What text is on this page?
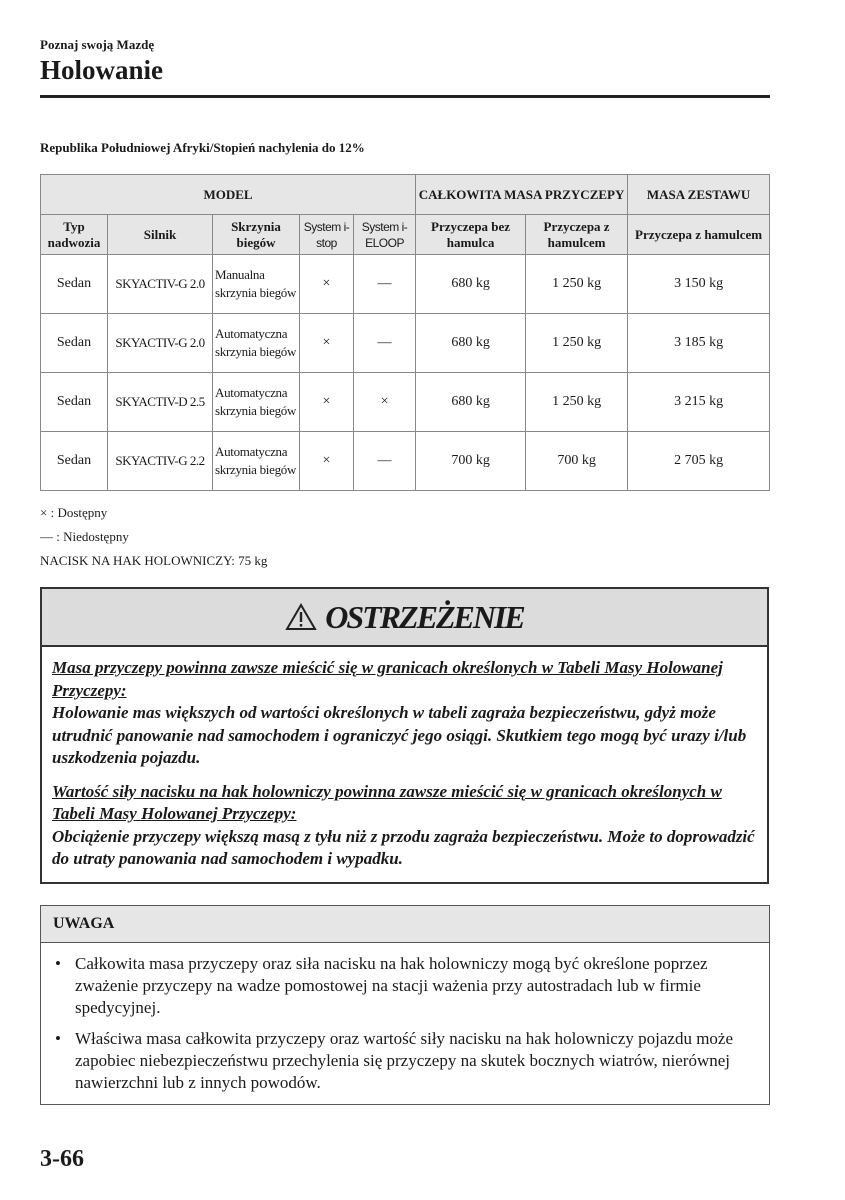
Poznaj swoją Mazdę
Holowanie
Republika Południowej Afryki/Stopień nachylenia do 12%
MODEL					CAŁKOWITA MASA PRZYCZEPY		MASA ZESTAWU
Typ nadwozia	Silnik	Skrzynia biegów	System i-stop	System i-ELOOP	Przyczepa bez hamulca	Przyczepa z hamulcem	Przyczepa z hamulcem
Sedan	SKYACTIV-G 2.0	Manualna skrzynia biegów	×	—	680 kg	1 250 kg	3 150 kg
Sedan	SKYACTIV-G 2.0	Automatyczna skrzynia biegów	×	—	680 kg	1 250 kg	3 185 kg
Sedan	SKYACTIV-D 2.5	Automatyczna skrzynia biegów	×	×	680 kg	1 250 kg	3 215 kg
Sedan	SKYACTIV-G 2.2	Automatyczna skrzynia biegów	×	—	700 kg	700 kg	2 705 kg
× : Dostępny
— : Niedostępny
NACISK NA HAK HOLOWNICZY: 75 kg
OSTRZEŻENIE
Masa przyczepy powinna zawsze mieścić się w granicach określonych w Tabeli Masy Holowanej Przyczepy:
Holowanie mas większych od wartości określonych w tabeli zagraża bezpieczeństwu, gdyż może utrudnić panowanie nad samochodem i ograniczyć jego osiągi. Skutkiem tego mogą być urazy i/lub uszkodzenia pojazdu.
Wartość siły nacisku na hak holowniczy powinna zawsze mieścić się w granicach określonych w Tabeli Masy Holowanej Przyczepy:
Obciążenie przyczepy większą masą z tyłu niż z przodu zagraża bezpieczeństwu. Może to doprowadzić do utraty panowania nad samochodem i wypadku.
UWAGA
• Całkowita masa przyczepy oraz siła nacisku na hak holowniczy mogą być określone poprzez zważenie przyczepy na wadze pomostowej na stacji ważenia przy autostradach lub w firmie spedycyjnej.
• Właściwa masa całkowita przyczepy oraz wartość siły nacisku na hak holowniczy pojazdu może zapobiec niebezpieczeństwu przechylenia się przyczepy na skutek bocznych wiatrów, nierównej nawierzchni lub z innych powodów.
3-66
